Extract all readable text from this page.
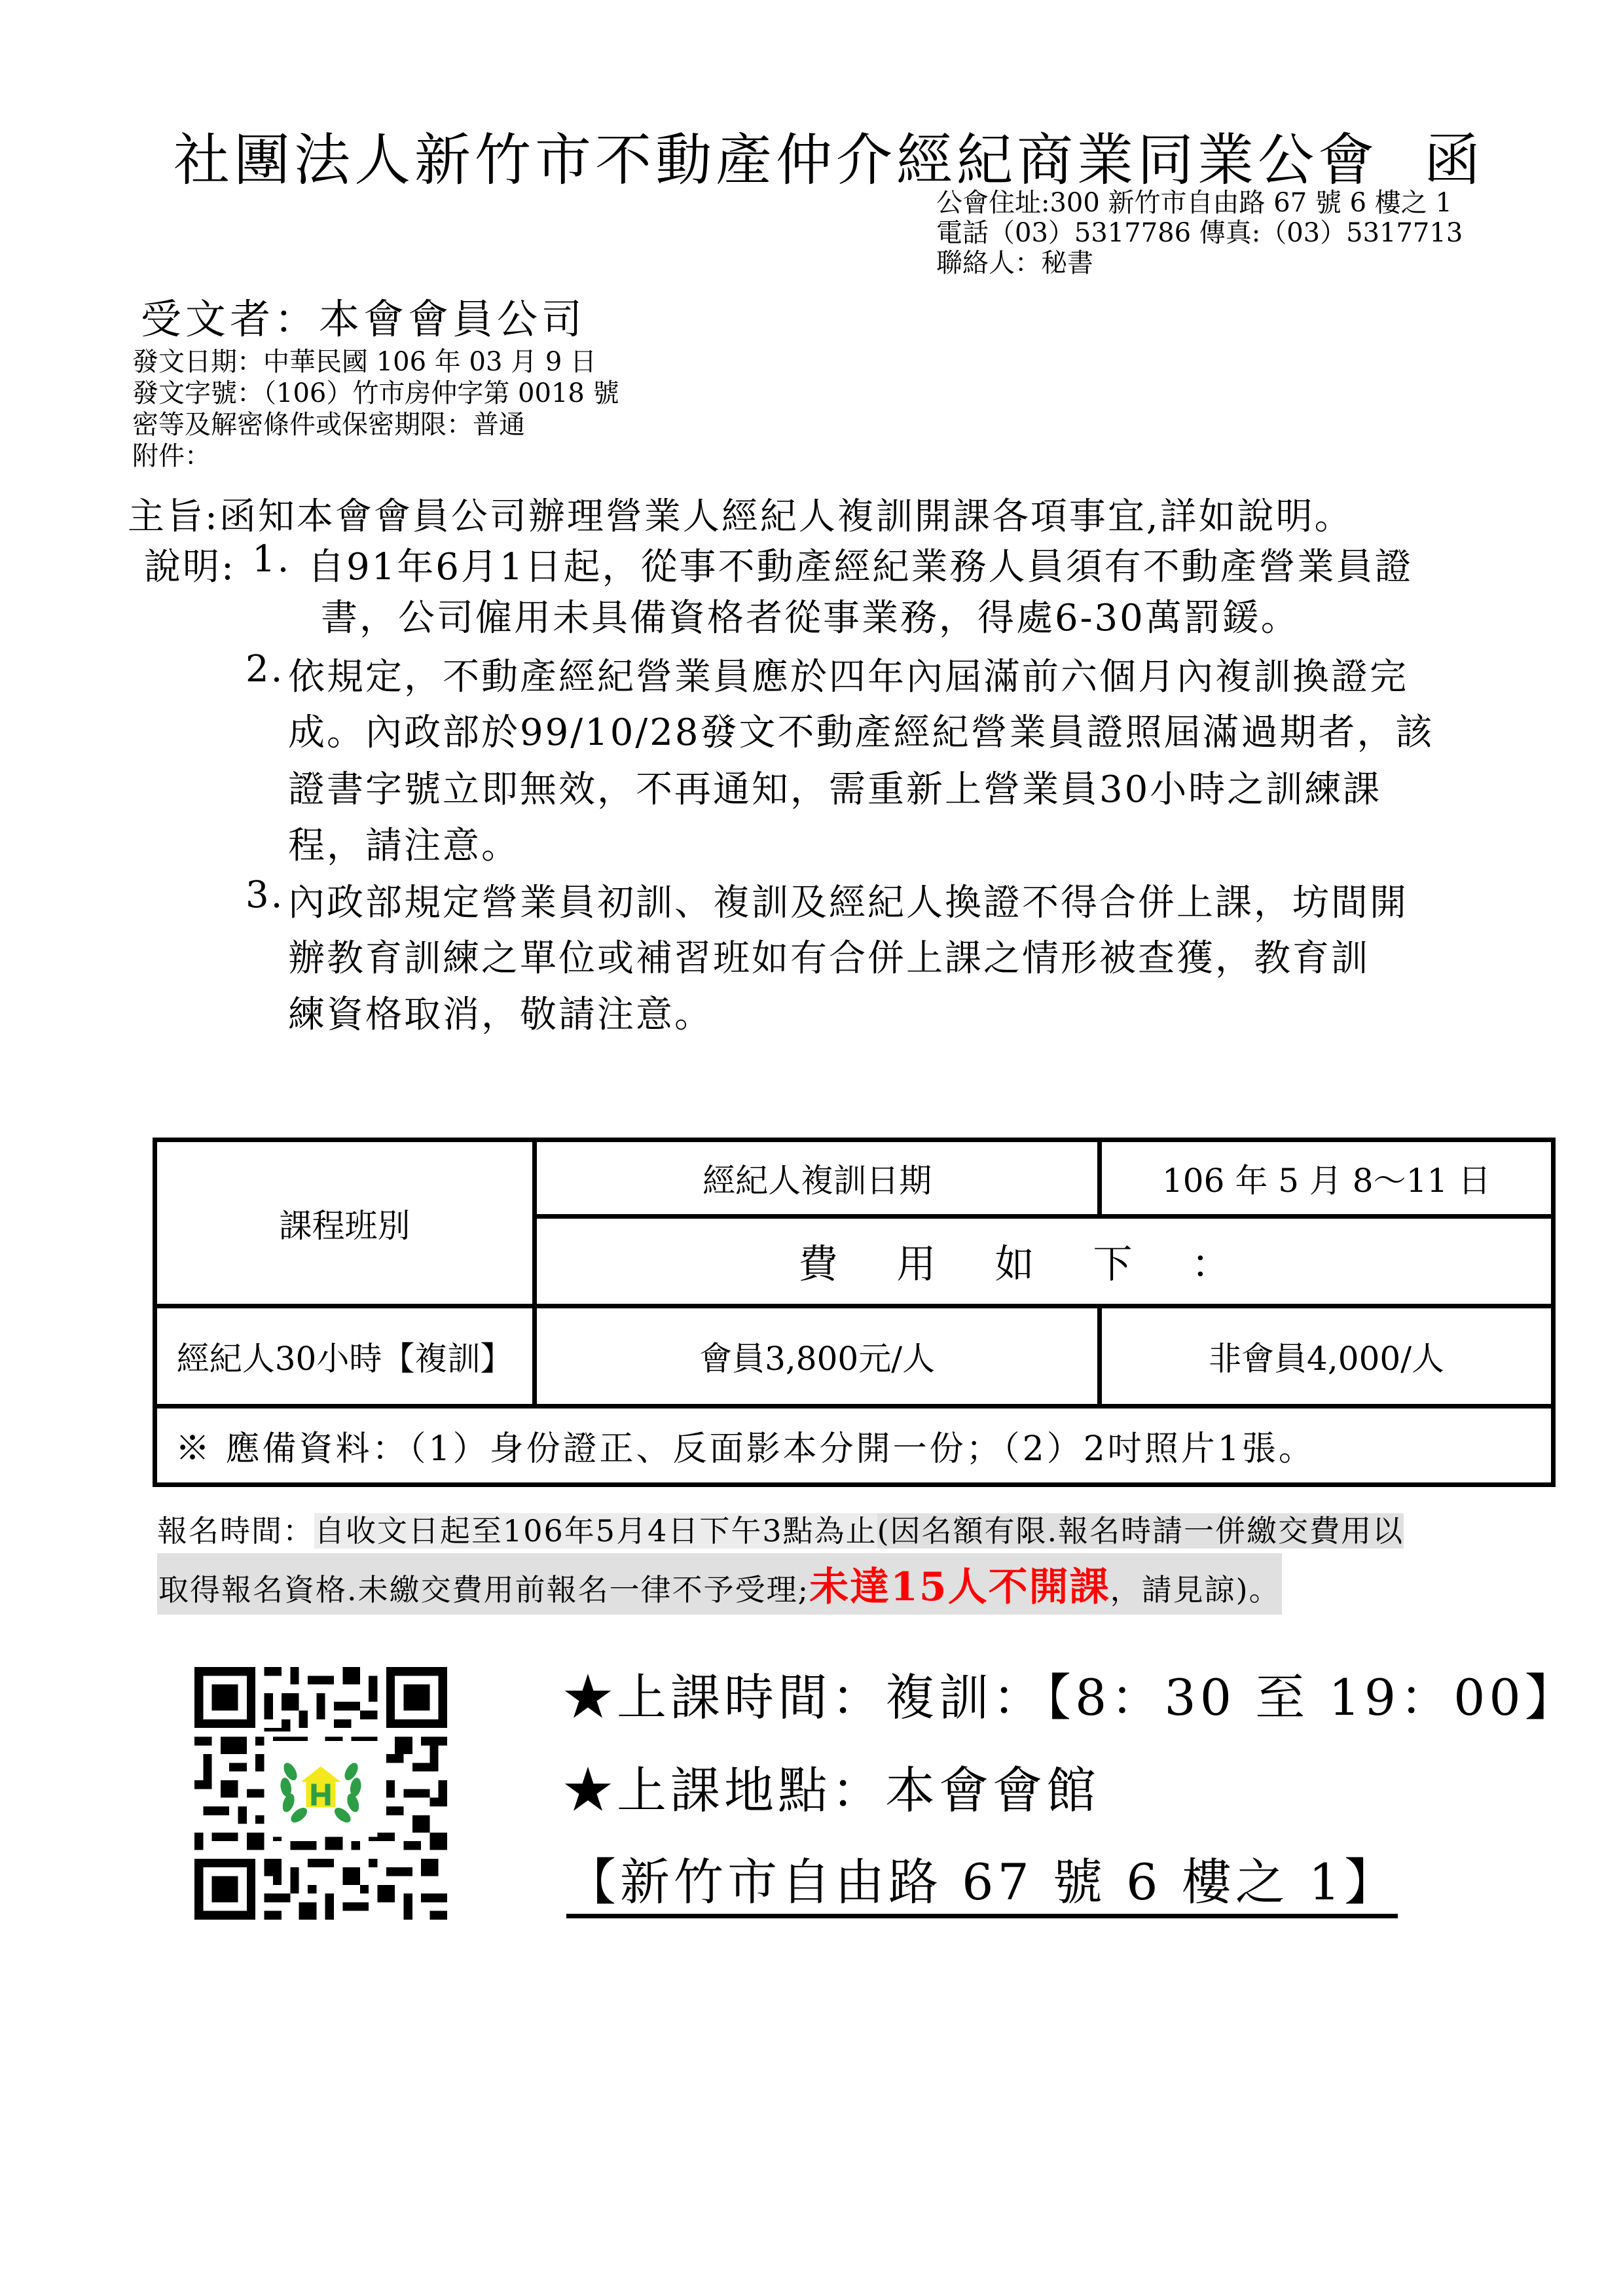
社團法人新竹市不動產仲介經紀商業同業公會 函
公會住址:300 新竹市自由路 67 號 6 樓之 1
電話（03）5317786 傳真:（03）5317713
聯絡人：秘書
受文者：本會會員公司
發文日期：中華民國 106 年 03 月 9 日
發文字號：（106）竹市房仲字第 0018 號
密等及解密條件或保密期限：普通
附件：
主旨:函知本會會員公司辦理營業人經紀人複訓開課各項事宜,詳如說明。
說明: 1. 自91年6月1日起，從事不動產經紀業務人員須有不動產營業員證
書，公司僱用未具備資格者從事業務，得處6-30萬罰鍰。
2. 依規定，不動產經紀營業員應於四年內屆滿前六個月內複訓換證完
成。內政部於99/10/28發文不動產經紀營業員證照屆滿過期者，該
證書字號立即無效，不再通知，需重新上營業員30小時之訓練課
程，請注意。
3. 內政部規定營業員初訓、複訓及經紀人換證不得合併上課，坊間開
辦教育訓練之單位或補習班如有合併上課之情形被查獲，教育訓
練資格取消，敬請注意。
課程班別	經紀人複訓日期	106 年 5 月 8～11 日
	費用如下：	
經紀人30小時【複訓】	會員3,800元/人	非會員4,000/人
※ 應備資料：（1）身份證正、反面影本分開一份；（2）2吋照片1張。		
報名時間：自收文日起至106年5月4日下午3點為止(因名額有限.報名時請一併繳交費用以
取得報名資格.未繳交費用前報名一律不予受理;未達15人不開課，請見諒)。
★上課時間：複訓：【8：30 至 19：00】
★上課地點：本會會館
【新竹市自由路 67 號 6 樓之 1】
